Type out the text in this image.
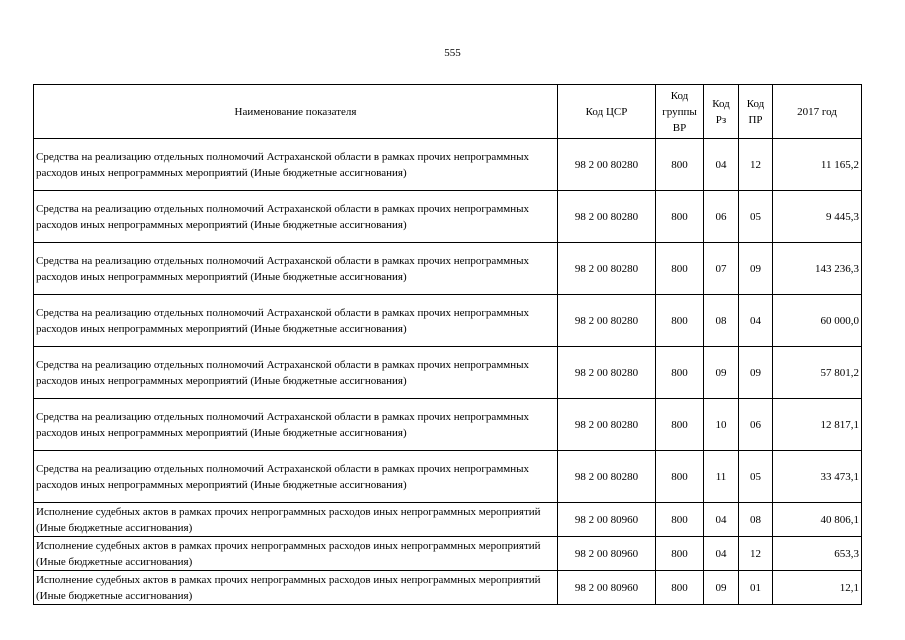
555
Наименование показателя	Код ЦСР	Код группы ВР	Код Рз	Код ПР	2017 год
Средства на реализацию отдельных полномочий Астраханской области в рамках прочих непрограммных расходов иных непрограммных мероприятий (Иные бюджетные ассигнования)	98 2 00 80280	800	04	12	11 165,2
Средства на реализацию отдельных полномочий Астраханской области в рамках прочих непрограммных расходов иных непрограммных мероприятий (Иные бюджетные ассигнования)	98 2 00 80280	800	06	05	9 445,3
Средства на реализацию отдельных полномочий Астраханской области в рамках прочих непрограммных расходов иных непрограммных мероприятий (Иные бюджетные ассигнования)	98 2 00 80280	800	07	09	143 236,3
Средства на реализацию отдельных полномочий Астраханской области в рамках прочих непрограммных расходов иных непрограммных мероприятий (Иные бюджетные ассигнования)	98 2 00 80280	800	08	04	60 000,0
Средства на реализацию отдельных полномочий Астраханской области в рамках прочих непрограммных расходов иных непрограммных мероприятий (Иные бюджетные ассигнования)	98 2 00 80280	800	09	09	57 801,2
Средства на реализацию отдельных полномочий Астраханской области в рамках прочих непрограммных расходов иных непрограммных мероприятий (Иные бюджетные ассигнования)	98 2 00 80280	800	10	06	12 817,1
Средства на реализацию отдельных полномочий Астраханской области в рамках прочих непрограммных расходов иных непрограммных мероприятий (Иные бюджетные ассигнования)	98 2 00 80280	800	11	05	33 473,1
Исполнение судебных актов в рамках прочих непрограммных расходов иных непрограммных мероприятий (Иные бюджетные ассигнования)	98 2 00 80960	800	04	08	40 806,1
Исполнение судебных актов в рамках прочих непрограммных расходов иных непрограммных мероприятий (Иные бюджетные ассигнования)	98 2 00 80960	800	04	12	653,3
Исполнение судебных актов в рамках прочих непрограммных расходов иных непрограммных мероприятий (Иные бюджетные ассигнования)	98 2 00 80960	800	09	01	12,1
